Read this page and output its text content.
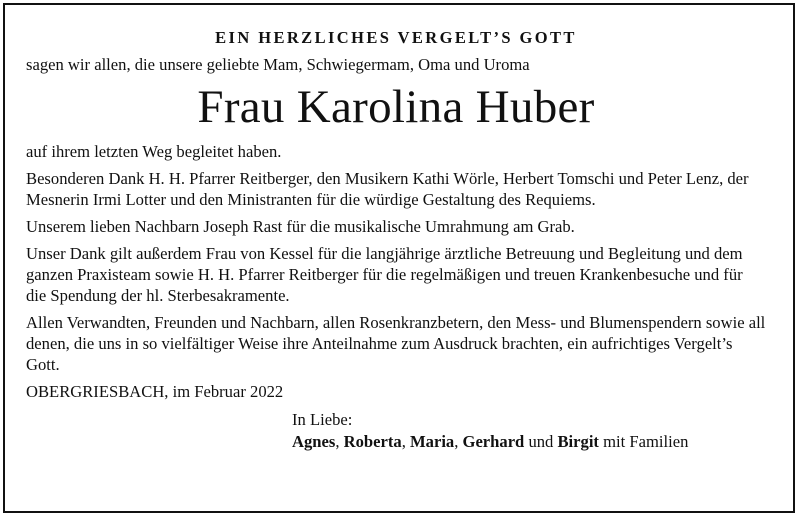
EIN HERZLICHES VERGELT’S GOTT

sagen wir allen, die unsere geliebte Mam, Schwiegermam, Oma und Uroma

Frau Karolina Huber

auf ihrem letzten Weg begleitet haben.

Besonderen Dank H. H. Pfarrer Reitberger, den Musikern Kathi Wörle, Herbert Tomschi und Peter Lenz, der Mesnerin Irmi Lotter und den Ministranten für die würdige Gestaltung des Requiems.

Unserem lieben Nachbarn Joseph Rast für die musikalische Umrahmung am Grab.

Unser Dank gilt außerdem Frau von Kessel für die langjährige ärztliche Betreuung und Begleitung und dem ganzen Praxisteam sowie H. H. Pfarrer Reitberger für die regelmäßigen und treuen Krankenbesuche und für die Spendung der hl. Sterbesakramente.

Allen Verwandten, Freunden und Nachbarn, allen Rosenkranzbetern, den Mess- und Blumenspendern sowie all denen, die uns in so vielfältiger Weise ihre Anteilnahme zum Ausdruck brachten, ein aufrichtiges Vergelt’s Gott.

OBERGRIESBACH, im Februar 2022

In Liebe:

Agnes, Roberta, Maria, Gerhard und Birgit mit Familien
